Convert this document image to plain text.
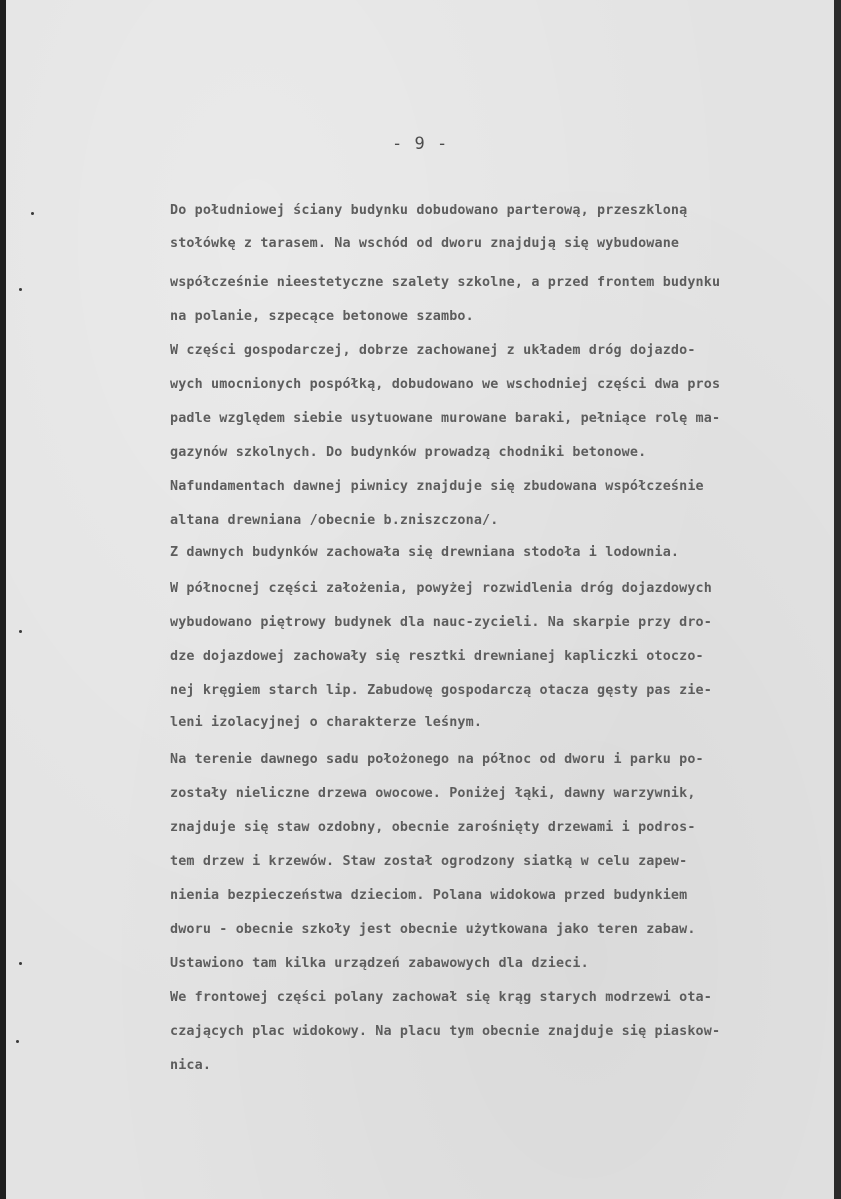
- 9 -

Do południowej ściany budynku dobudowano parterową, przeszkloną

stołówkę z tarasem. Na wschód od dworu znajdują się wybudowane

współcześnie nieestetyczne szalety szkolne, a przed frontem budynku

na polanie, szpecące betonowe szambo.

W części gospodarczej, dobrze zachowanej z układem dróg dojazdo-

wych umocnionych pospółką, dobudowano we wschodniej części dwa pros

padle względem siebie usytuowane murowane baraki, pełniące rolę ma-

gazynów szkolnych. Do budynków prowadzą chodniki betonowe.

Nafundamentach dawnej piwnicy znajduje się zbudowana współcześnie

altana drewniana /obecnie b.zniszczona/.

Z dawnych budynków zachowała się drewniana stodoła i lodownia.

W północnej części założenia, powyżej rozwidlenia dróg dojazdowych

wybudowano piętrowy budynek dla nauc-zycieli. Na skarpie przy dro-

dze dojazdowej zachowały się resztki drewnianej kapliczki otoczo-

nej kręgiem starch lip. Zabudowę gospodarczą otacza gęsty pas zie-

leni izolacyjnej o charakterze leśnym.

Na terenie dawnego sadu położonego na północ od dworu i parku po-

zostały nieliczne drzewa owocowe. Poniżej łąki, dawny warzywnik,

znajduje się staw ozdobny, obecnie zarośnięty drzewami i podros-

tem drzew i krzewów. Staw został ogrodzony siatką w celu zapew-

nienia bezpieczeństwa dzieciom. Polana widokowa przed budynkiem

dworu - obecnie szkoły jest obecnie użytkowana jako teren zabaw.

Ustawiono tam kilka urządzeń zabawowych dla dzieci.

We frontowej części polany zachował się krąg starych modrzewi ota-

czających plac widokowy. Na placu tym obecnie znajduje się piaskow-

nica.
